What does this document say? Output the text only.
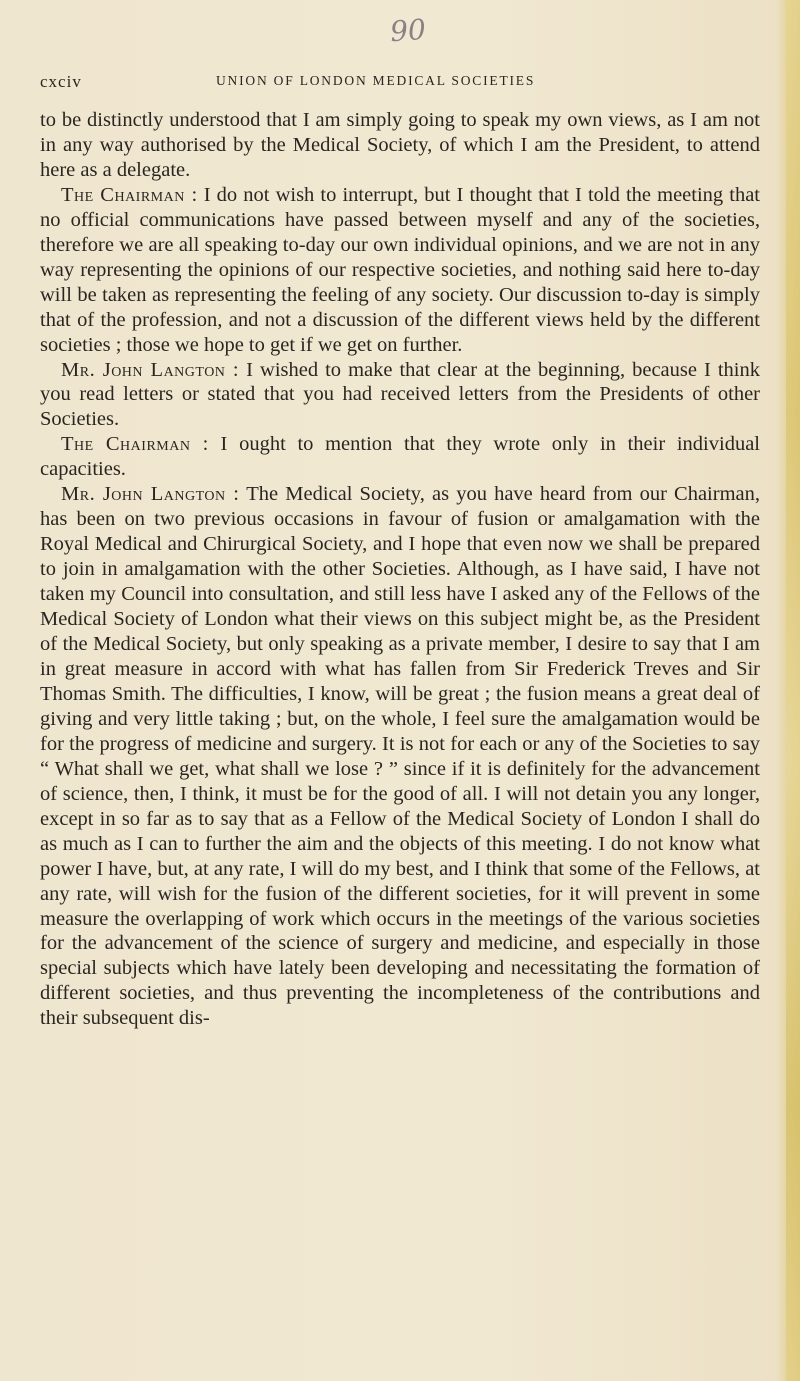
90
cxciv	UNION OF LONDON MEDICAL SOCIETIES

to be distinctly understood that I am simply going to speak my own views, as I am not in any way authorised by the Medical Society, of which I am the President, to attend here as a delegate.

The Chairman : I do not wish to interrupt, but I thought that I told the meeting that no official communications have passed between myself and any of the societies, therefore we are all speaking to-day our own individual opinions, and we are not in any way representing the opinions of our respective societies, and nothing said here to-day will be taken as representing the feeling of any society. Our discussion to-day is simply that of the profession, and not a discussion of the different views held by the different societies ; those we hope to get if we get on further.

Mr. John Langton : I wished to make that clear at the beginning, because I think you read letters or stated that you had received letters from the Presidents of other Societies.

The Chairman : I ought to mention that they wrote only in their individual capacities.

Mr. John Langton : The Medical Society, as you have heard from our Chairman, has been on two previous occasions in favour of fusion or amalgamation with the Royal Medical and Chirurgical Society, and I hope that even now we shall be prepared to join in amalgamation with the other Societies. Although, as I have said, I have not taken my Council into consultation, and still less have I asked any of the Fellows of the Medical Society of London what their views on this subject might be, as the President of the Medical Society, but only speaking as a private member, I desire to say that I am in great measure in accord with what has fallen from Sir Frederick Treves and Sir Thomas Smith. The difficulties, I know, will be great ; the fusion means a great deal of giving and very little taking ; but, on the whole, I feel sure the amalgamation would be for the progress of medicine and surgery. It is not for each or any of the Societies to say “ What shall we get, what shall we lose ? ” since if it is definitely for the advancement of science, then, I think, it must be for the good of all. I will not detain you any longer, except in so far as to say that as a Fellow of the Medical Society of London I shall do as much as I can to further the aim and the objects of this meeting. I do not know what power I have, but, at any rate, I will do my best, and I think that some of the Fellows, at any rate, will wish for the fusion of the different societies, for it will prevent in some measure the overlapping of work which occurs in the meetings of the various societies for the advancement of the science of surgery and medicine, and especially in those special subjects which have lately been developing and necessitating the formation of different societies, and thus preventing the incompleteness of the contributions and their subsequent dis-
